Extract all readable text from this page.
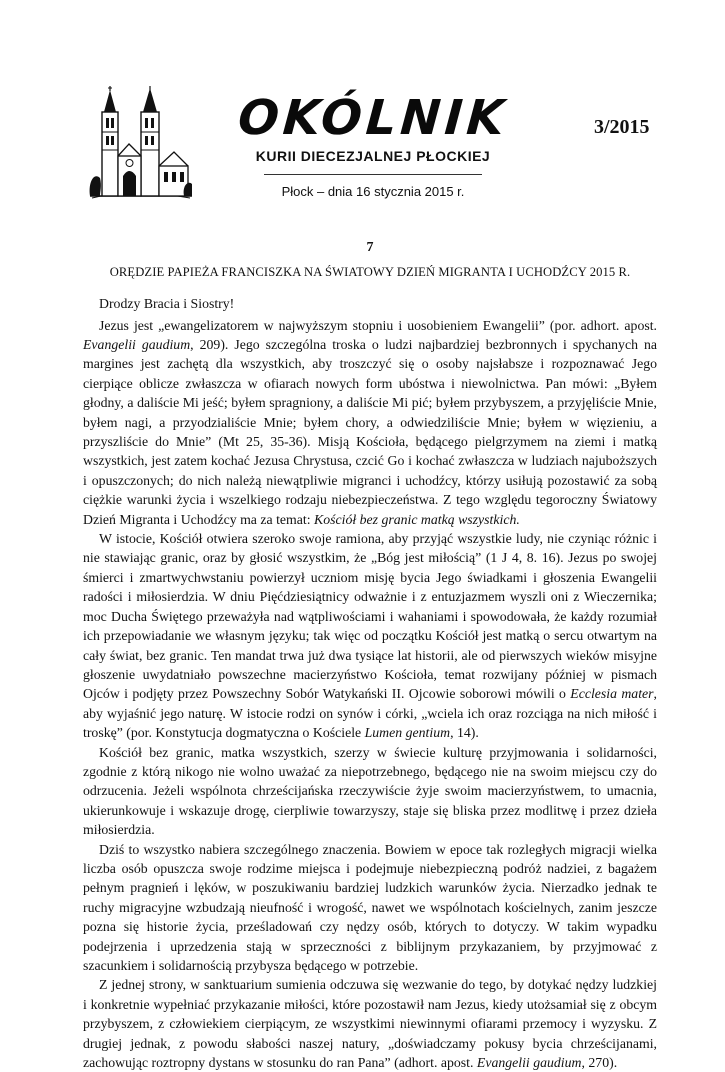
OKÓLNIK
KURII DIECEZJALNEJ PŁOCKIEJ
Płock – dnia 16 stycznia 2015 r.
3/2015
7
ORĘDZIE PAPIEŻA FRANCISZKA NA ŚWIATOWY DZIEŃ MIGRANTA I UCHODŹCY 2015 R.

Drodzy Bracia i Siostry!

Jezus jest „ewangelizatorem w najwyższym stopniu i uosobieniem Ewangelii” (por. adhort. apost. Evangelii gaudium, 209). Jego szczególna troska o ludzi najbardziej bezbronnych i spychanych na margines jest zachętą dla wszystkich, aby troszczyć się o osoby najsłabsze i rozpoznawać Jego cierpiące oblicze zwłaszcza w ofiarach nowych form ubóstwa i niewolnictwa. Pan mówi: „Byłem głodny, a daliście Mi jeść; byłem spragniony, a daliście Mi pić; byłem przybyszem, a przyjęliście Mnie, byłem nagi, a przyodzialiście Mnie; byłem chory, a odwiedziliście Mnie; byłem w więzieniu, a przyszliście do Mnie” (Mt 25, 35-36). Misją Kościoła, będącego pielgrzymem na ziemi i matką wszystkich, jest zatem kochać Jezusa Chrystusa, czcić Go i kochać zwłaszcza w ludziach najuboższych i opuszczonych; do nich należą niewątpliwie migranci i uchodźcy, którzy usiłują pozostawić za sobą ciężkie warunki życia i wszelkiego rodzaju niebezpieczeństwa. Z tego względu tegoroczny Światowy Dzień Migranta i Uchodźcy ma za temat: Kościół bez granic matką wszystkich.

W istocie, Kościół otwiera szeroko swoje ramiona, aby przyjąć wszystkie ludy, nie czyniąc różnic i nie stawiając granic, oraz by głosić wszystkim, że „Bóg jest miłością” (1 J 4, 8. 16). Jezus po swojej śmierci i zmartwychwstaniu powierzył uczniom misję bycia Jego świadkami i głoszenia Ewangelii radości i miłosierdzia. W dniu Pięćdziesiątnicy odważnie i z entuzjazmem wyszli oni z Wieczernika; moc Ducha Świętego przeważyła nad wątpliwościami i wahaniami i spowodowała, że każdy rozumiał ich przepowiadanie we własnym języku; tak więc od początku Kościół jest matką o sercu otwartym na cały świat, bez granic. Ten mandat trwa już dwa tysiące lat historii, ale od pierwszych wieków misyjne głoszenie uwydatniało powszechne macierzyństwo Kościoła, temat rozwijany później w pismach Ojców i podjęty przez Powszechny Sobór Watykański II. Ojcowie soborowi mówili o Ecclesia mater, aby wyjaśnić jego naturę. W istocie rodzi on synów i córki, „wciela ich oraz rozciąga na nich miłość i troskę” (por. Konstytucja dogmatyczna o Kościele Lumen gentium, 14).

Kościół bez granic, matka wszystkich, szerzy w świecie kulturę przyjmowania i solidarności, zgodnie z którą nikogo nie wolno uważać za niepotrzebnego, będącego nie na swoim miejscu czy do odrzucenia. Jeżeli wspólnota chrześcijańska rzeczywiście żyje swoim macierzyństwem, to umacnia, ukierunkowuje i wskazuje drogę, cierpliwie towarzyszy, staje się bliska przez modlitwę i przez dzieła miłosierdzia.

Dziś to wszystko nabiera szczególnego znaczenia. Bowiem w epoce tak rozległych migracji wielka liczba osób opuszcza swoje rodzime miejsca i podejmuje niebezpieczną podróż nadziei, z bagażem pełnym pragnień i lęków, w poszukiwaniu bardziej ludzkich warunków życia. Nierzadko jednak te ruchy migracyjne wzbudzają nieufność i wrogość, nawet we wspólnotach kościelnych, zanim jeszcze pozna się historie życia, prześladowań czy nędzy osób, których to dotyczy. W takim wypadku podejrzenia i uprzedzenia stają w sprzeczności z biblijnym przykazaniem, by przyjmować z szacunkiem i solidarnością przybysza będącego w potrzebie.

Z jednej strony, w sanktuarium sumienia odczuwa się wezwanie do tego, by dotykać nędzy ludzkiej i konkretnie wypełniać przykazanie miłości, które pozostawił nam Jezus, kiedy utożsamiał się z obcym przybyszem, z człowiekiem cierpiącym, ze wszystkimi niewinnymi ofiarami przemocy i wyzysku. Z drugiej jednak, z powodu słabości naszej natury, „doświadczamy pokusy bycia chrześcijanami, zachowując roztropny dystans w stosunku do ran Pana” (adhort. apost. Evangelii gaudium, 270).
